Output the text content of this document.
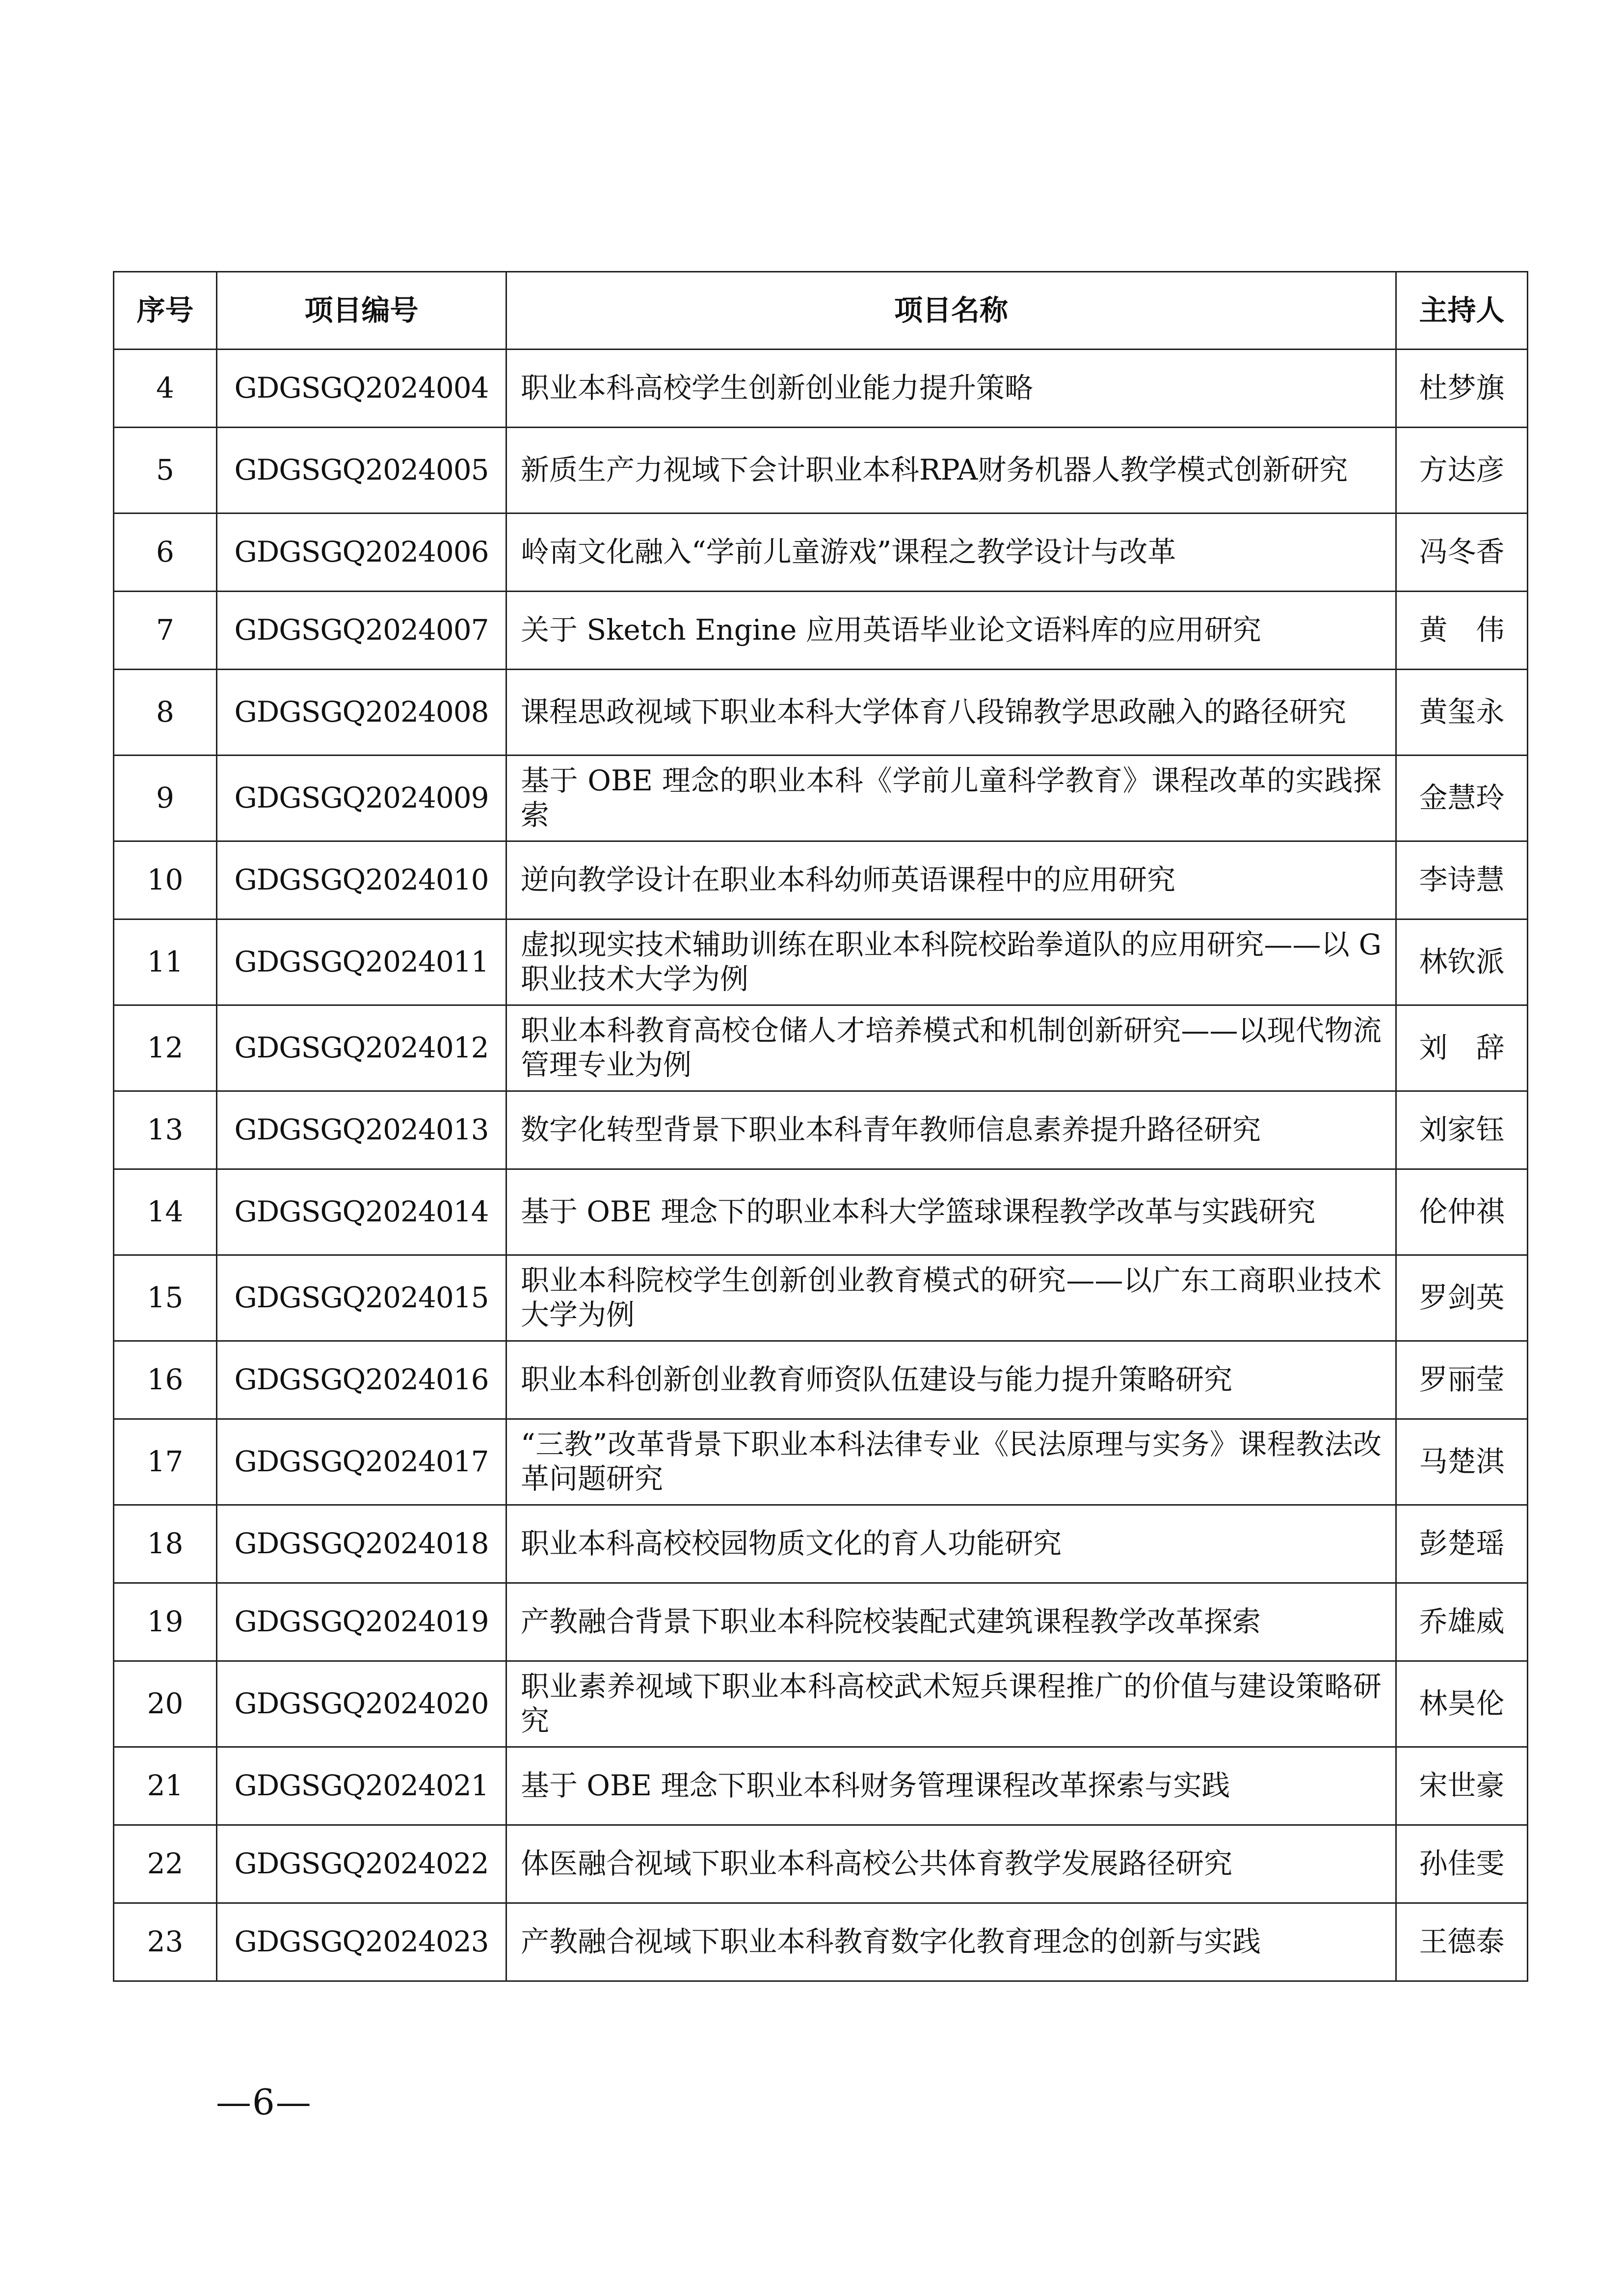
序号	项目编号	项目名称	主持人
4	GDGSGQ2024004	职业本科高校学生创新创业能力提升策略	杜梦旗
5	GDGSGQ2024005	新质生产力视域下会计职业本科RPA财务机器人教学模式创新研究	方达彦
6	GDGSGQ2024006	岭南文化融入“学前儿童游戏”课程之教学设计与改革	冯冬香
7	GDGSGQ2024007	关于 Sketch Engine 应用英语毕业论文语料库的应用研究	黄　伟
8	GDGSGQ2024008	课程思政视域下职业本科大学体育八段锦教学思政融入的路径研究	黄玺永
9	GDGSGQ2024009	基于 OBE 理念的职业本科《学前儿童科学教育》课程改革的实践探索	金慧玲
10	GDGSGQ2024010	逆向教学设计在职业本科幼师英语课程中的应用研究	李诗慧
11	GDGSGQ2024011	虚拟现实技术辅助训练在职业本科院校跆拳道队的应用研究——以 G 职业技术大学为例	林钦派
12	GDGSGQ2024012	职业本科教育高校仓储人才培养模式和机制创新研究——以现代物流管理专业为例	刘　辞
13	GDGSGQ2024013	数字化转型背景下职业本科青年教师信息素养提升路径研究	刘家钰
14	GDGSGQ2024014	基于 OBE 理念下的职业本科大学篮球课程教学改革与实践研究	伦仲祺
15	GDGSGQ2024015	职业本科院校学生创新创业教育模式的研究——以广东工商职业技术大学为例	罗剑英
16	GDGSGQ2024016	职业本科创新创业教育师资队伍建设与能力提升策略研究	罗丽莹
17	GDGSGQ2024017	“三教”改革背景下职业本科法律专业《民法原理与实务》课程教法改革问题研究	马楚淇
18	GDGSGQ2024018	职业本科高校校园物质文化的育人功能研究	彭楚瑶
19	GDGSGQ2024019	产教融合背景下职业本科院校装配式建筑课程教学改革探索	乔雄威
20	GDGSGQ2024020	职业素养视域下职业本科高校武术短兵课程推广的价值与建设策略研究	林昊伦
21	GDGSGQ2024021	基于 OBE 理念下职业本科财务管理课程改革探索与实践	宋世豪
22	GDGSGQ2024022	体医融合视域下职业本科高校公共体育教学发展路径研究	孙佳雯
23	GDGSGQ2024023	产教融合视域下职业本科教育数字化教育理念的创新与实践	王德泰
—6—
